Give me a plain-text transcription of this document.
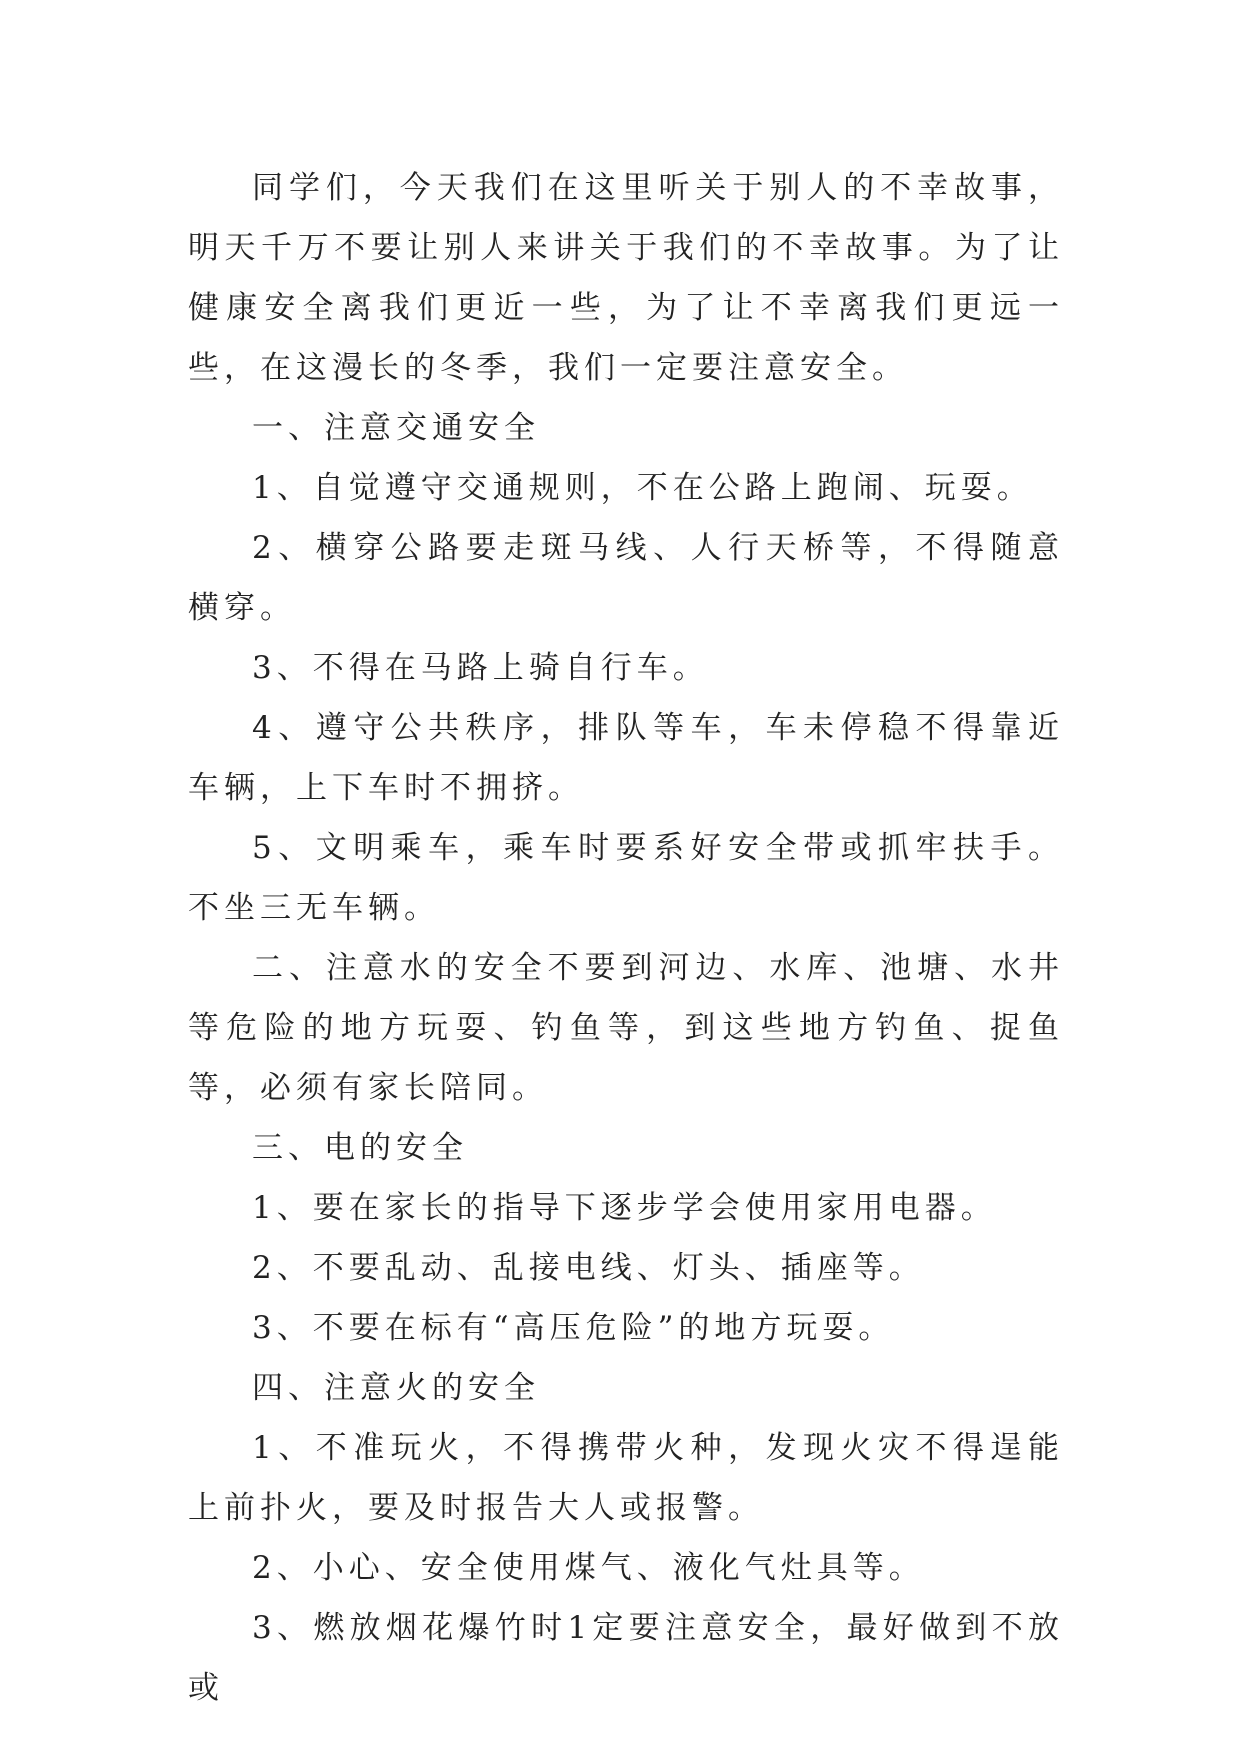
同学们，今天我们在这里听关于别人的不幸故事，明天千万不要让别人来讲关于我们的不幸故事。为了让健康安全离我们更近一些，为了让不幸离我们更远一些，在这漫长的冬季，我们一定要注意安全。

一、注意交通安全

1、自觉遵守交通规则，不在公路上跑闹、玩耍。

2、横穿公路要走斑马线、人行天桥等，不得随意横穿。

3、不得在马路上骑自行车。

4、遵守公共秩序，排队等车，车未停稳不得靠近车辆，上下车时不拥挤。

5、文明乘车，乘车时要系好安全带或抓牢扶手。不坐三无车辆。

二、注意水的安全不要到河边、水库、池塘、水井等危险的地方玩耍、钓鱼等，到这些地方钓鱼、捉鱼等，必须有家长陪同。

三、电的安全

1、要在家长的指导下逐步学会使用家用电器。

2、不要乱动、乱接电线、灯头、插座等。

3、不要在标有“高压危险”的地方玩耍。

四、注意火的安全

1、不准玩火，不得携带火种，发现火灾不得逞能上前扑火，要及时报告大人或报警。

2、小心、安全使用煤气、液化气灶具等。

3、燃放烟花爆竹时1定要注意安全，最好做到不放或
